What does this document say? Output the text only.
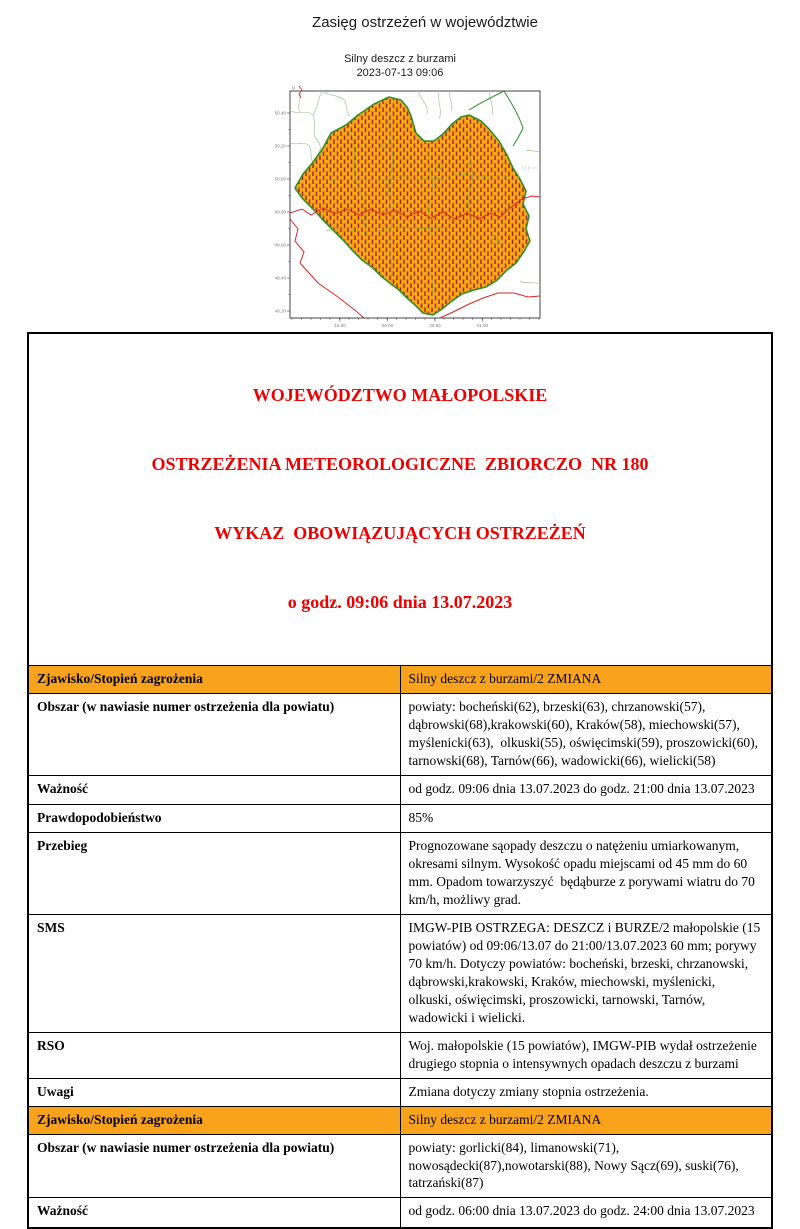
Zasięg ostrzeżeń w województwie
Silny deszcz z burzami
2023-07-13 09:06
0
50.40
50.20
50.00
49.80
49.60
49.40
49.20
19.50	20.00	20.50	21.00

WOJEWÓDZTWO MAŁOPOLSKIE

OSTRZEŻENIA METEOROLOGICZNE  ZBIORCZO  NR 180

WYKAZ  OBOWIĄZUJĄCYCH OSTRZEŻEŃ

o godz. 09:06 dnia 13.07.2023	

Zjawisko/Stopień zagrożenia	Silny deszcz z burzami/2 ZMIANA
Obszar (w nawiasie numer ostrzeżenia dla powiatu)	powiaty: bocheński(62), brzeski(63), chrzanowski(57), dąbrowski(68),krakowski(60), Kraków(58), miechowski(57), myślenicki(63),  olkuski(55), oświęcimski(59), proszowicki(60), tarnowski(68), Tarnów(66), wadowicki(66), wielicki(58)
Ważność	od godz. 09:06 dnia 13.07.2023 do godz. 21:00 dnia 13.07.2023
Prawdopodobieństwo	85%
Przebieg	Prognozowane sąopady deszczu o natężeniu umiarkowanym, okresami silnym. Wysokość opadu miejscami od 45 mm do 60 mm. Opadom towarzyszyć  będąburze z porywami wiatru do 70 km/h, możliwy grad.
SMS	IMGW-PIB OSTRZEGA: DESZCZ i BURZE/2 małopolskie (15 powiatów) od 09:06/13.07 do 21:00/13.07.2023 60 mm; porywy 70 km/h. Dotyczy powiatów: bocheński, brzeski, chrzanowski, dąbrowski,krakowski, Kraków, miechowski, myślenicki,  olkuski, oświęcimski, proszowicki, tarnowski, Tarnów, wadowicki i wielicki.
RSO	Woj. małopolskie (15 powiatów), IMGW-PIB wydał ostrzeżenie drugiego stopnia o intensywnych opadach deszczu z burzami
Uwagi	Zmiana dotyczy zmiany stopnia ostrzeżenia.
Zjawisko/Stopień zagrożenia	Silny deszcz z burzami/2 ZMIANA
Obszar (w nawiasie numer ostrzeżenia dla powiatu)	powiaty: gorlicki(84), limanowski(71), nowosądecki(87),nowotarski(88), Nowy Sącz(69), suski(76), tatrzański(87)
Ważność	od godz. 06:00 dnia 13.07.2023 do godz. 24:00 dnia 13.07.2023
